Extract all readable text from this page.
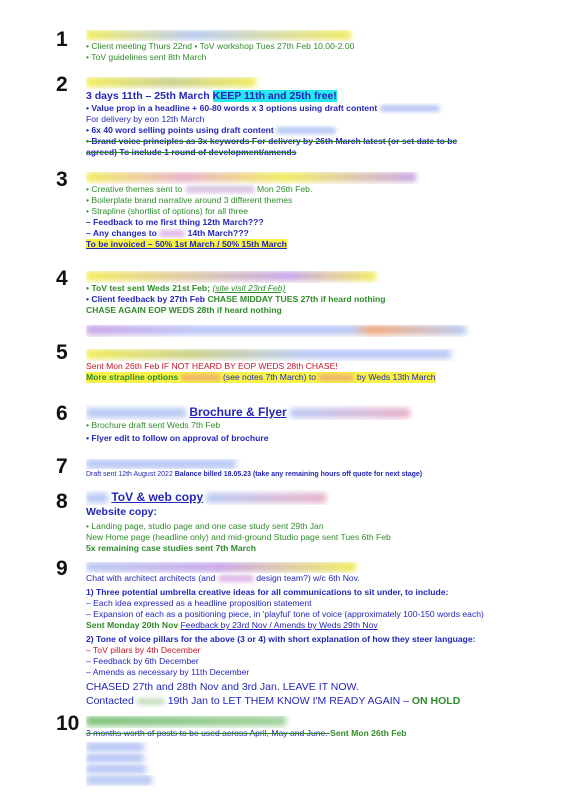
1
2
3
4
5
6
7
8
9
10
• Client meeting Thurs 22nd • ToV workshop Tues 27th Feb 10.00-2.00
• ToV guidelines sent 8th March
3 days 11th – 25th March KEEP 11th and 25th free!
• Value prop in a headline + 60-80 words x 3 options using draft content
For delivery by eon 12th March
• 6x 40 word selling points using draft content
• Brand voice principles as 3x keywords For delivery by 26th March latest (or set date to be
agreed) To include 1 round of development/amends
• Creative themes sent to	Mon 26th Feb.
• Boilerplate brand narrative around 3 different themes
• Strapline (shortlist of options) for all three
– Feedback to me first thing 12th March???
– Any changes to	14th March???
To be invoiced – 50% 1st March / 50% 15th March
• ToV test sent Weds 21st Feb; (site visit 23rd Feb)
• Client feedback by 27th Feb CHASE MIDDAY TUES 27th if heard nothing
CHASE AGAIN EOP WEDS 28th if heard nothing
Sent Mon 26th Feb IF NOT HEARD BY EOP WEDS 28th CHASE!
More strapline options	(see notes 7th March) to	by Weds 13th March
Brochure & Flyer
• Brochure draft sent Weds 7th Feb
• Flyer edit to follow on approval of brochure
Draft sent 12th August 2022 Balance billed 18.05.23 (take any remaining hours off quote for next stage)
ToV & web copy
Website copy:
• Landing page, studio page and one case study sent 29th Jan
New Home page (headline only) and mid-ground Studio page sent Tues 6th Feb
5x remaining case studies sent 7th March
Chat with architect architects (and	design team?) w/c 6th Nov.
1) Three potential umbrella creative ideas for all communications to sit under, to include:
– Each idea expressed as a headline proposition statement
– Expansion of each as a positioning piece, in 'playful' tone of voice (approximately 100-150 words each)
Sent Monday 20th Nov Feedback by 23rd Nov / Amends by Weds 29th Nov
2) Tone of voice pillars for the above (3 or 4) with short explanation of how they steer language:
– ToV pillars by 4th December
– Feedback by 6th December
– Amends as necessary by 11th December
CHASED 27th and 28th Nov and 3rd Jan. LEAVE IT NOW.
Contacted	19th Jan to LET THEM KNOW I'M READY AGAIN – ON HOLD
3 months worth of posts to be used across April, May and June. Sent Mon 26th Feb
